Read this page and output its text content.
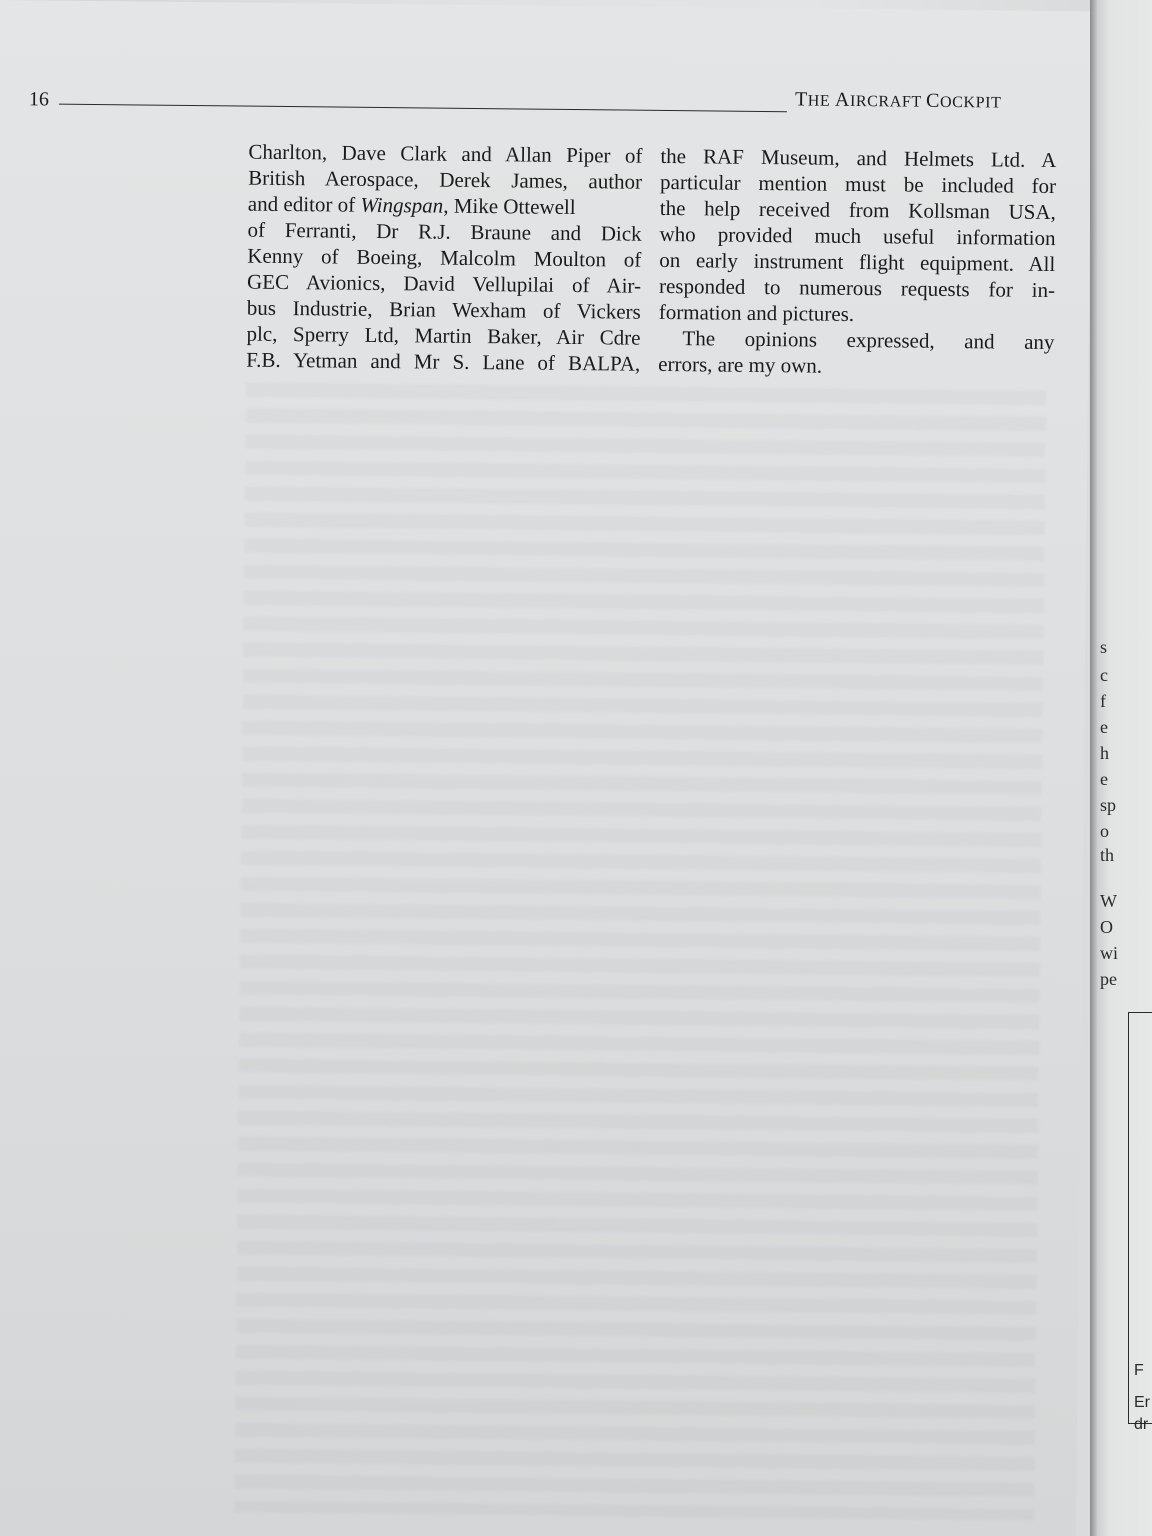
16	THE AIRCRAFT COCKPIT
Charlton, Dave Clark and Allan Piper of
British Aerospace, Derek James, author
and editor of Wingspan, Mike Ottewell
of Ferranti, Dr R.J. Braune and Dick
Kenny of Boeing, Malcolm Moulton of
GEC Avionics, David Vellupilai of Air-
bus Industrie, Brian Wexham of Vickers
plc, Sperry Ltd, Martin Baker, Air Cdre
F.B. Yetman and Mr S. Lane of BALPA,
the RAF Museum, and Helmets Ltd. A
particular mention must be included for
the help received from Kollsman USA,
who provided much useful information
on early instrument flight equipment. All
responded to numerous requests for in-
formation and pictures.
The opinions expressed, and any
errors, are my own.
s
c
f
e
h
e
sp
o
th
W
O
wi
pe
F
Er
dr
